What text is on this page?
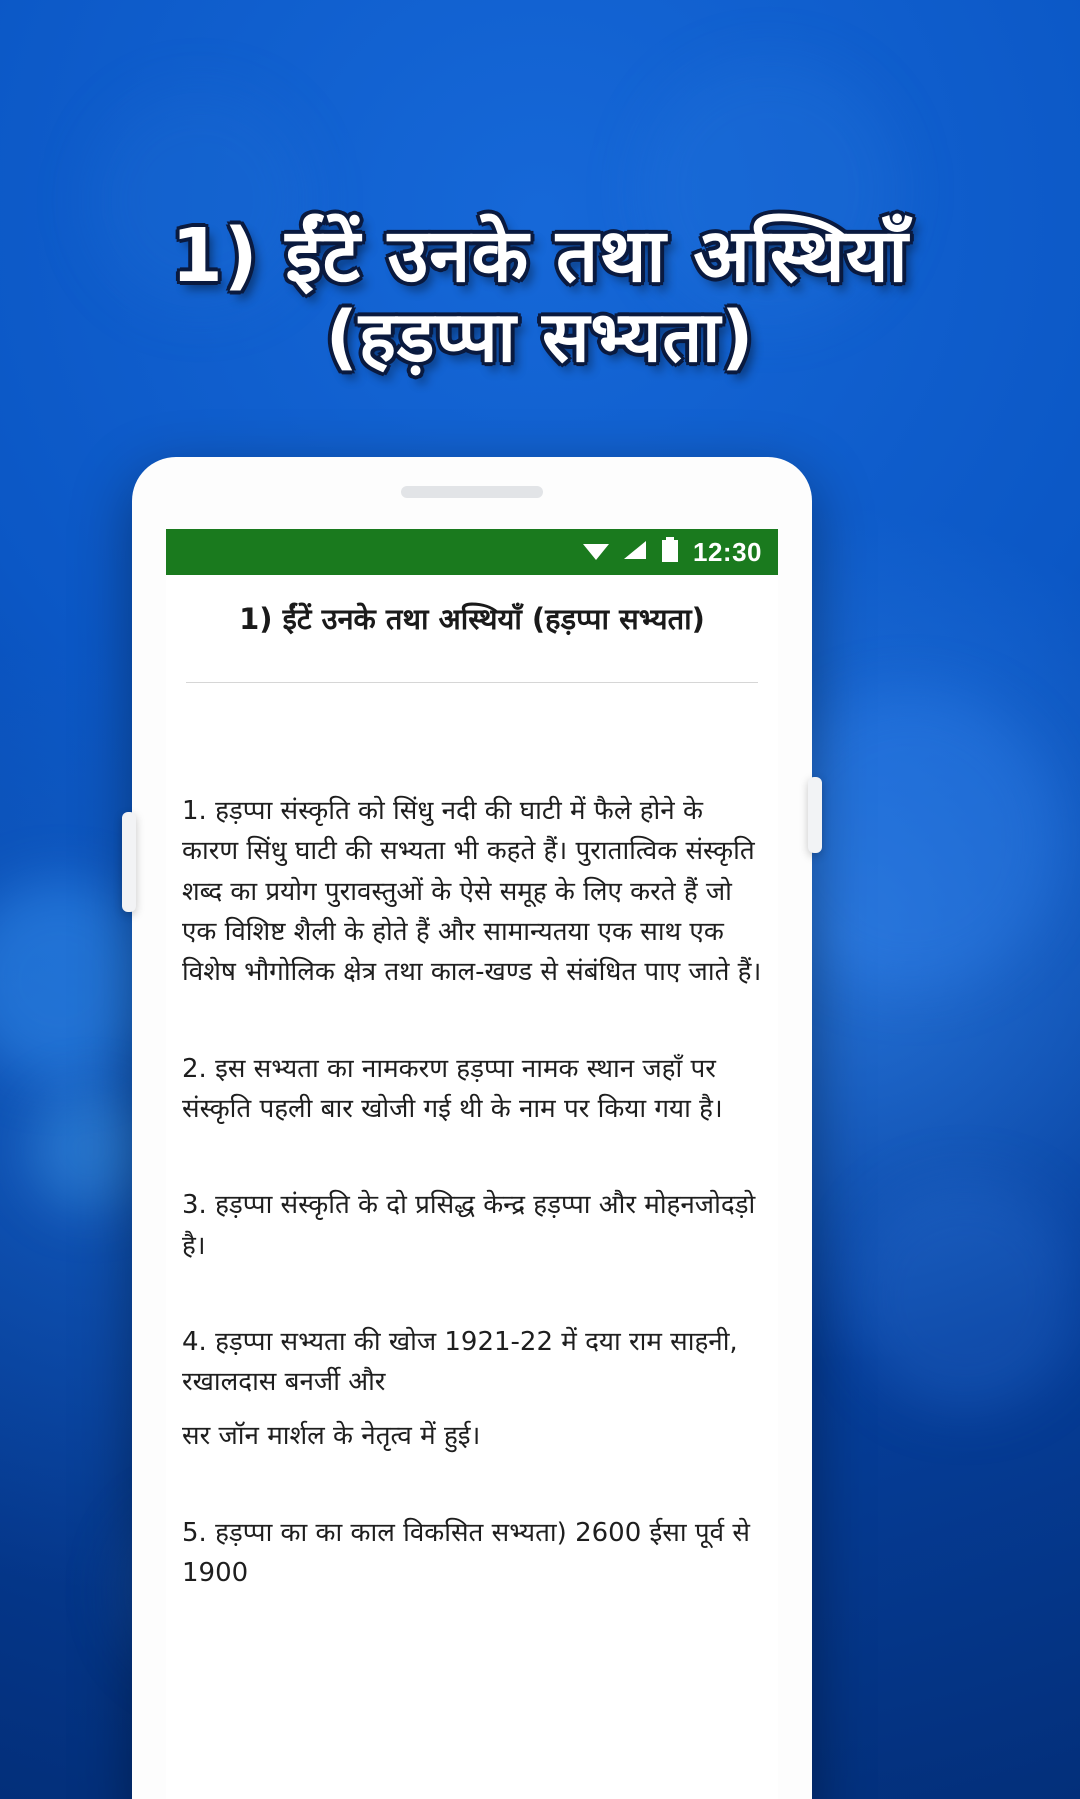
1) ईंटें उनके तथा अस्थियाँ
(हड़प्पा सभ्यता)
12:30
1) ईंटें उनके तथा अस्थियाँ (हड़प्पा सभ्यता)

1. हड़प्पा संस्कृति को सिंधु नदी की घाटी में फैले होने के कारण सिंधु घाटी की सभ्यता भी कहते हैं। पुरातात्विक संस्कृति शब्द का प्रयोग पुरावस्तुओं के ऐसे समूह के लिए करते हैं जो एक विशिष्ट शैली के होते हैं और सामान्यतया एक साथ एक विशेष भौगोलिक क्षेत्र तथा काल-खण्ड से संबंधित पाए जाते हैं।

2. इस सभ्यता का नामकरण हड़प्पा नामक स्थान जहाँ पर संस्कृति पहली बार खोजी गई थी के नाम पर किया गया है।

3. हड़प्पा संस्कृति के दो प्रसिद्ध केन्द्र हड़प्पा और मोहनजोदड़ो है।

4. हड़प्पा सभ्यता की खोज 1921-22 में दया राम साहनी, रखालदास बनर्जी और

सर जॉन मार्शल के नेतृत्व में हुई।

5. हड़प्पा का का काल विकसित सभ्यता) 2600 ईसा पूर्व से 1900
